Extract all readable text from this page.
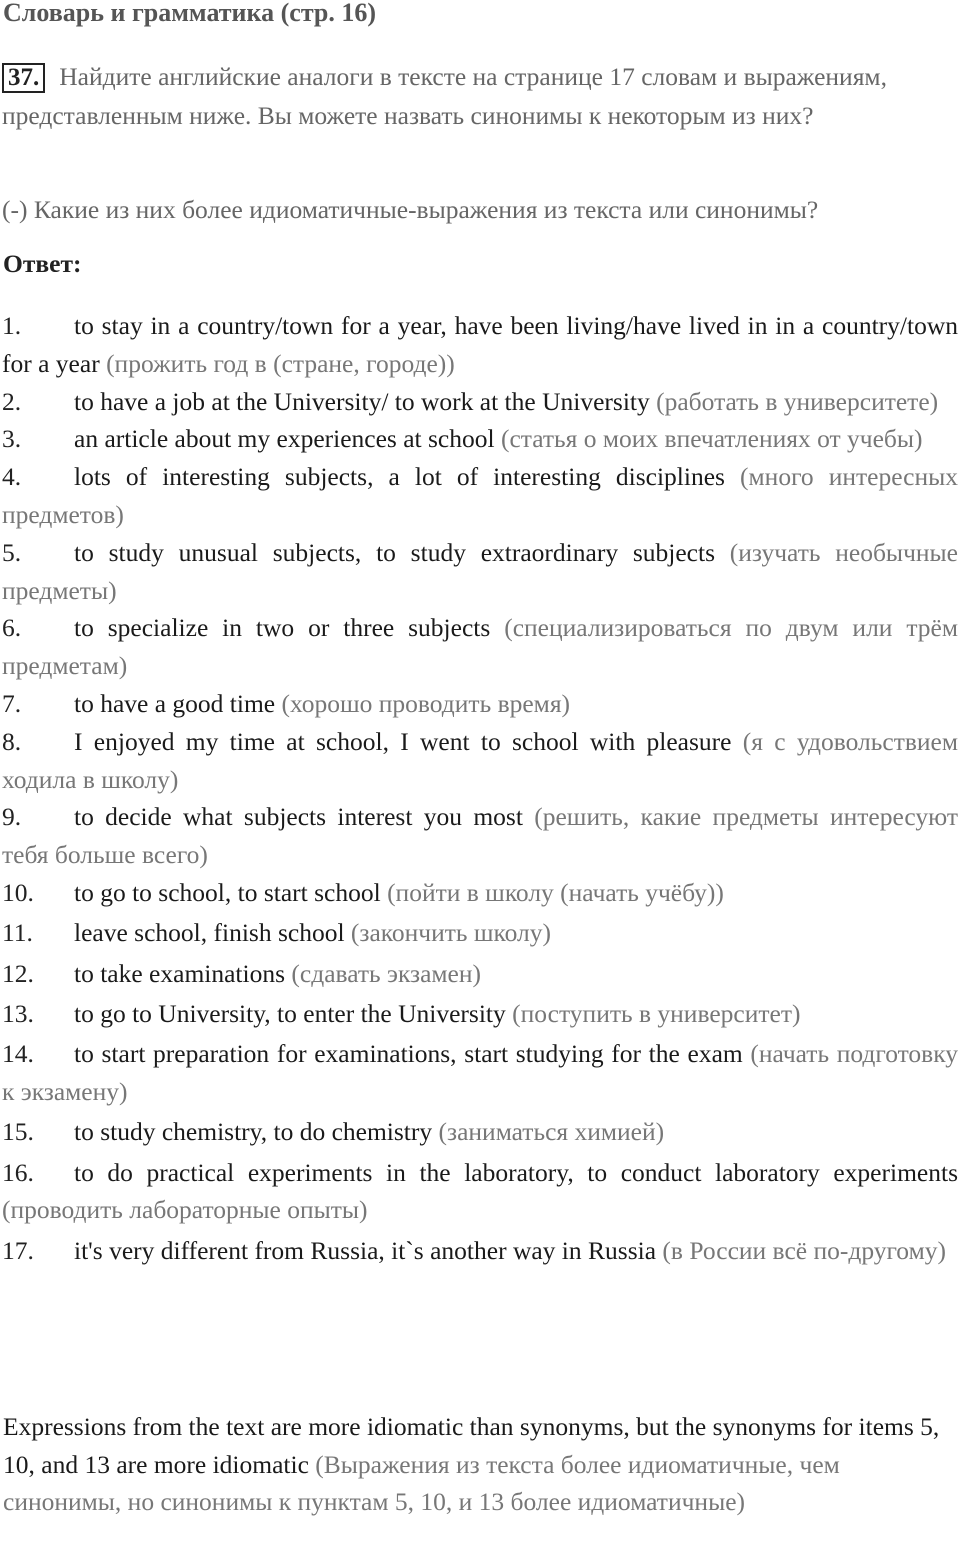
Словарь и грамматика (стр. 16)
37. Найдите английские аналоги в тексте на странице 17 словам и выражениям, представленным ниже. Вы можете назвать синонимы к некоторым из них?
(-) Какие из них более идиоматичные-выражения из текста или синонимы?
Ответ:
1. to stay in a country/town for a year, have been living/have lived in in a country/town for a year (прожить год в (стране, городе))
2. to have a job at the University/ to work at the University (работать в университете)
3. an article about my experiences at school (статья о моих впечатлениях от учебы)
4. lots of interesting subjects, a lot of interesting disciplines (много интересных предметов)
5. to study unusual subjects, to study extraordinary subjects (изучать необычные предметы)
6. to specialize in two or three subjects (специализироваться по двум или трём предметам)
7. to have a good time (хорошо проводить время)
8. I enjoyed my time at school, I went to school with pleasure (я с удовольствием ходила в школу)
9. to decide what subjects interest you most (решить, какие предметы интересуют тебя больше всего)
10. to go to school, to start school (пойти в школу (начать учёбу))
11. leave school, finish school (закончить школу)
12. to take examinations (сдавать экзамен)
13. to go to University, to enter the University (поступить в университет)
14. to start preparation for examinations, start studying for the exam (начать подготовку к экзамену)
15. to study chemistry, to do chemistry (заниматься химией)
16. to do practical experiments in the laboratory, to conduct laboratory experiments (проводить лабораторные опыты)
17. it's very different from Russia, it`s another way in Russia (в России всё по-другому)
Expressions from the text are more idiomatic than synonyms, but the synonyms for items 5, 10, and 13 are more idiomatic (Выражения из текста более идиоматичные, чем синонимы, но синонимы к пунктам 5, 10, и 13 более идиоматичные)
